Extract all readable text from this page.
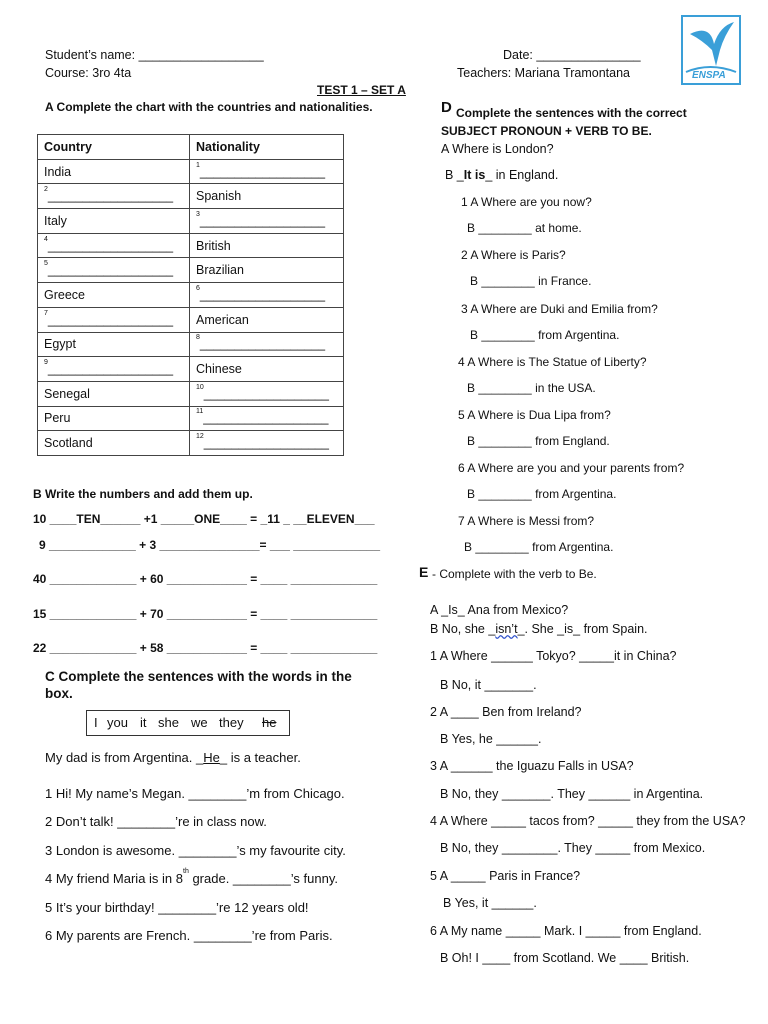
Student’s name: __________________
Course: 3ro 4ta
Date: _______________
Teachers: Mariana Tramontana
TEST 1 – SET A
ENSPA
A Complete the chart with the countries and nationalities.
Country	Nationality
India	$^1$__________________
$^2$__________________	Spanish
Italy	$^3$__________________
$^4$__________________	British
$^5$__________________	Brazilian
Greece	$^6$__________________
$^7$__________________	American
Egypt	$^8$__________________
$^9$__________________	Chinese
Senegal	$^{10}$__________________
Peru	$^{11}$__________________
Scotland	$^{12}$__________________
B Write the numbers and add them up.
10 ____TEN______ +1 _____ONE____ = _11 _ __ELEVEN___
9 _____________ + 3 _______________= ___ _____________
40 _____________ + 60 ____________ = ____ _____________
15 _____________ + 70 ____________ = ____ _____________
22 _____________ + 58 ____________ = ____ _____________
C Complete the sentences with the words in the
box.
I you it she we they he
My dad is from Argentina. _He_ is a teacher.
1 Hi! My name’s Megan. ________’m from Chicago.
2 Don’t talk! ________’re in class now.
3 London is awesome. ________’s my favourite city.
4 My friend Maria is in 8th grade. ________’s funny.
5 It’s your birthday! ________’re 12 years old!
6 My parents are French. ________’re from Paris.
D Complete the sentences with the correct
SUBJECT PRONOUN + VERB TO BE.
A Where is London?
B _It is_ in England.
1 A Where are you now?
B ________ at home.
2 A Where is Paris?
B ________ in France.
3 A Where are Duki and Emilia from?
B ________ from Argentina.
4 A Where is The Statue of Liberty?
B ________ in the USA.
5 A Where is Dua Lipa from?
B ________ from England.
6 A Where are you and your parents from?
B ________ from Argentina.
7 A Where is Messi from?
B ________ from Argentina.
E - Complete with the verb to Be.
A _Is_ Ana from Mexico?
B No, she _isn’t_. She _is_ from Spain.
1 A Where ______ Tokyo? _____it in China?
B No, it _______.
2 A ____ Ben from Ireland?
B Yes, he ______.
3 A ______ the Iguazu Falls in USA?
B No, they _______. They ______ in Argentina.
4 A Where _____ tacos from? _____ they from the USA?
B No, they ________. They _____ from Mexico.
5 A _____ Paris in France?
B Yes, it ______.
6 A My name _____ Mark. I _____ from England.
B Oh! I ____ from Scotland. We ____ British.
